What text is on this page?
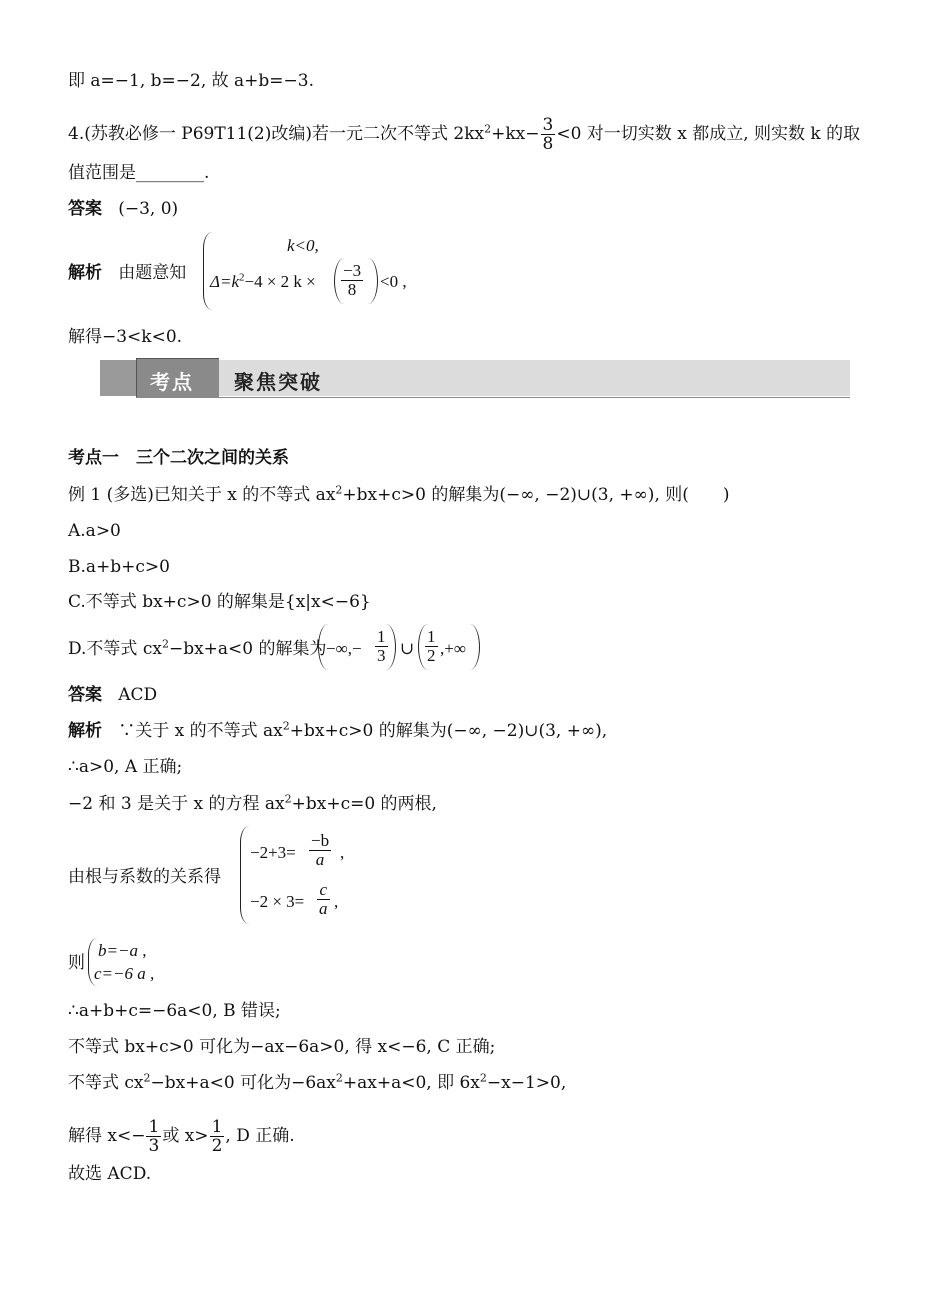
即 a=−1, b=−2, 故 a+b=−3.
4.(苏教必修一 P69T11(2)改编)若一元二次不等式 $2kx^2+kx- \frac{3}{8} <0$ 对一切实数 x 都成立, 则实数 k 的取
值范围是________.
答案 (−3, 0)
解析 由题意知
k<0,
$\Delta=k^2-4 \times 2$ $k \times \frac{-3}{8} <0$ ,
解得−3<k<0.
考点 聚焦突破
考点一　三个二次之间的关系
例 1 (多选)已知关于 x 的不等式 $ax^2+bx+c>0$ 的解集为(−∞, −2)∪(3, +∞), 则(　　)
A.a>0
B.a+b+c>0
C.不等式 bx+c>0 的解集是{x|x<−6}
D.不等式 $cx^2-bx+a<0$ 的解集为 −∞,− $\frac{1}{3}$ ∪ $\frac{1}{2}$ ,+∞
答案 ACD
解析 ∵关于 x 的不等式 $ax^2+bx+c>0$ 的解集为(−∞, −2)∪(3, +∞),
∴a>0, A 正确;
−2 和 3 是关于 x 的方程 $ax^2+bx+c=0$ 的两根,
由根与系数的关系得
$-2+3= \frac{-b}{a}$ ,
$-2 \times 3= \frac{c}{a}$ ,
则
b=−a ,
c=−6 a ,
∴a+b+c=−6a<0, B 错误;
不等式 bx+c>0 可化为−ax−6a>0, 得 x<−6, C 正确;
不等式 $cx^2-bx+a<0$ 可化为$-6ax^2+ax+a<0$, 即 $6x^2-x-1>0$,
解得 $x<- \frac{1}{3}$ 或 $x> \frac{1}{2}$ , D 正确.
故选 ACD.
